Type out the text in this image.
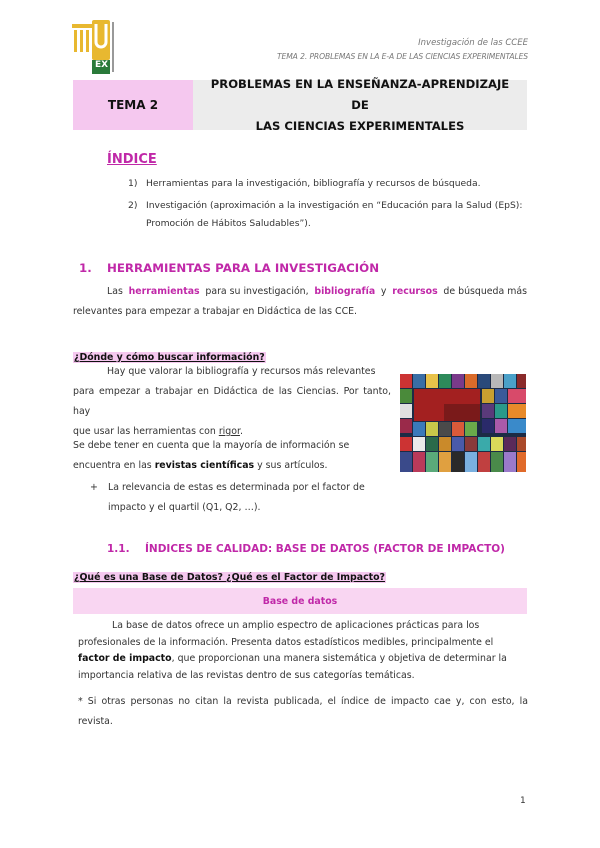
EX
Investigación de las CCEE
TEMA 2. PROBLEMAS EN LA E-A DE LAS CIENCIAS EXPERIMENTALES
TEMA 2
PROBLEMAS EN LA ENSEÑANZA-APRENDIZAJE DE
LAS CIENCIAS EXPERIMENTALES
ÍNDICE
1) Herramientas para la investigación, bibliografía y recursos de búsqueda.
2) Investigación (aproximación a la investigación en “Educación para la Salud (EpS):
Promoción de Hábitos Saludables”).
1. HERRAMIENTAS PARA LA INVESTIGACIÓN
Las herramientas para su investigación, bibliografía y recursos de búsqueda más
relevantes para empezar a trabajar en Didáctica de las CCE.
¿Dónde y cómo buscar información?
Hay que valorar la bibliografía y recursos más relevantes
para empezar a trabajar en Didáctica de las Ciencias. Por tanto, hay
que usar las herramientas con rigor.
Se debe tener en cuenta que la mayoría de información se
encuentra en las revistas científicas y sus artículos.
+ La relevancia de estas es determinada por el factor de
impacto y el quartil (Q1, Q2, …).
1.1. ÍNDICES DE CALIDAD: BASE DE DATOS (FACTOR DE IMPACTO)
¿Qué es una Base de Datos? ¿Qué es el Factor de Impacto?
Base de datos
La base de datos ofrece un amplio espectro de aplicaciones prácticas para los
profesionales de la información. Presenta datos estadísticos medibles, principalmente el
factor de impacto, que proporcionan una manera sistemática y objetiva de determinar la
importancia relativa de las revistas dentro de sus categorías temáticas.
* Si otras personas no citan la revista publicada, el índice de impacto cae y, con esto, la revista.
1
